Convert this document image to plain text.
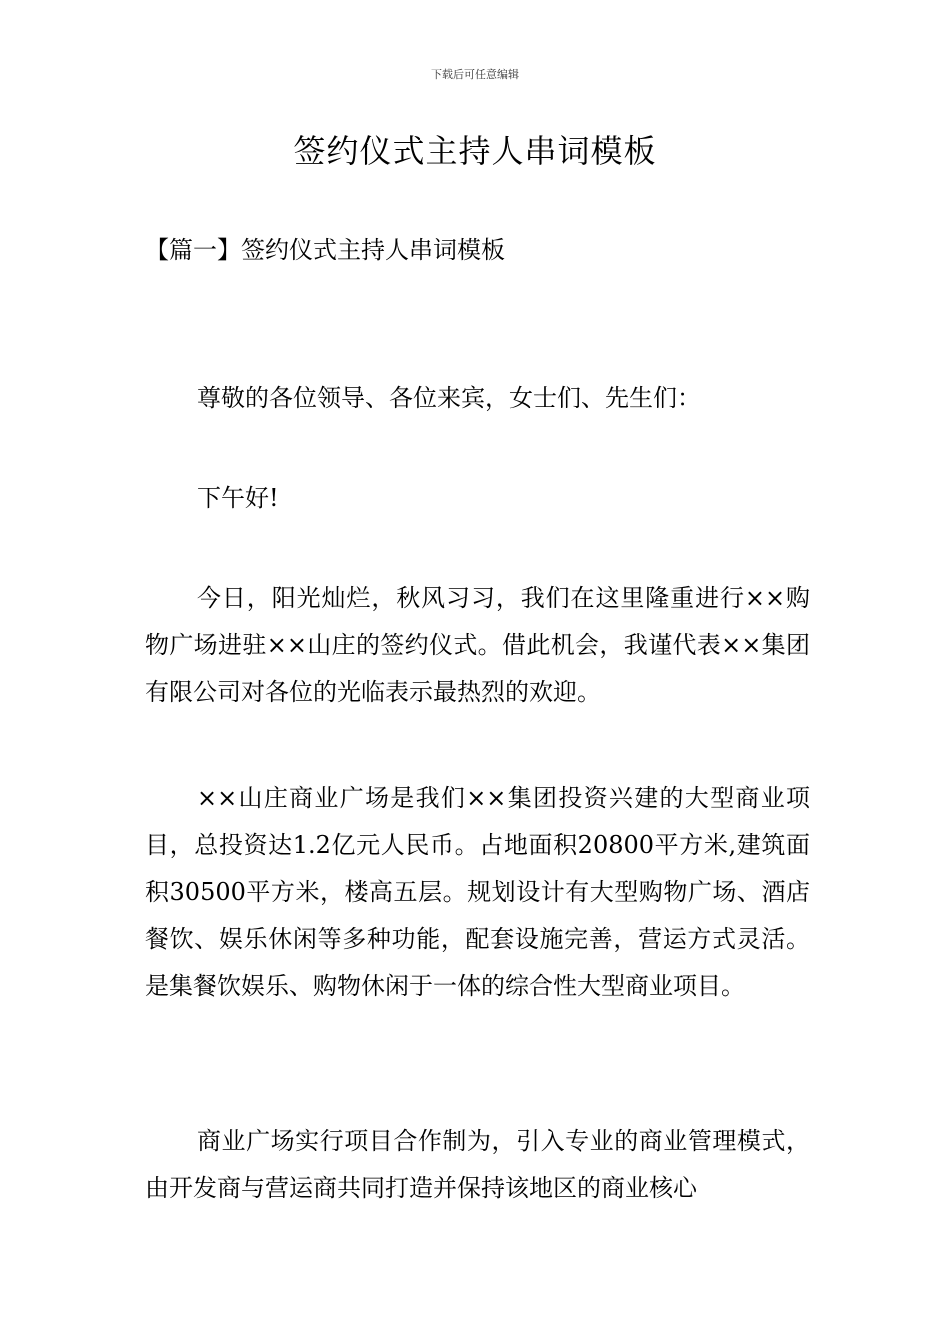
下载后可任意编辑
签约仪式主持人串词模板
【篇一】签约仪式主持人串词模板

尊敬的各位领导、各位来宾，女士们、先生们：

下午好!

今日，阳光灿烂，秋风习习，我们在这里隆重进行××购物广场进驻××山庄的签约仪式。借此机会，我谨代表××集团有限公司对各位的光临表示最热烈的欢迎。

××山庄商业广场是我们××集团投资兴建的大型商业项目，总投资达1.2亿元人民币。占地面积20800平方米,建筑面积30500平方米，楼高五层。规划设计有大型购物广场、酒店餐饮、娱乐休闲等多种功能，配套设施完善，营运方式灵活。是集餐饮娱乐、购物休闲于一体的综合性大型商业项目。

商业广场实行项目合作制为，引入专业的商业管理模式，由开发商与营运商共同打造并保持该地区的商业核心
